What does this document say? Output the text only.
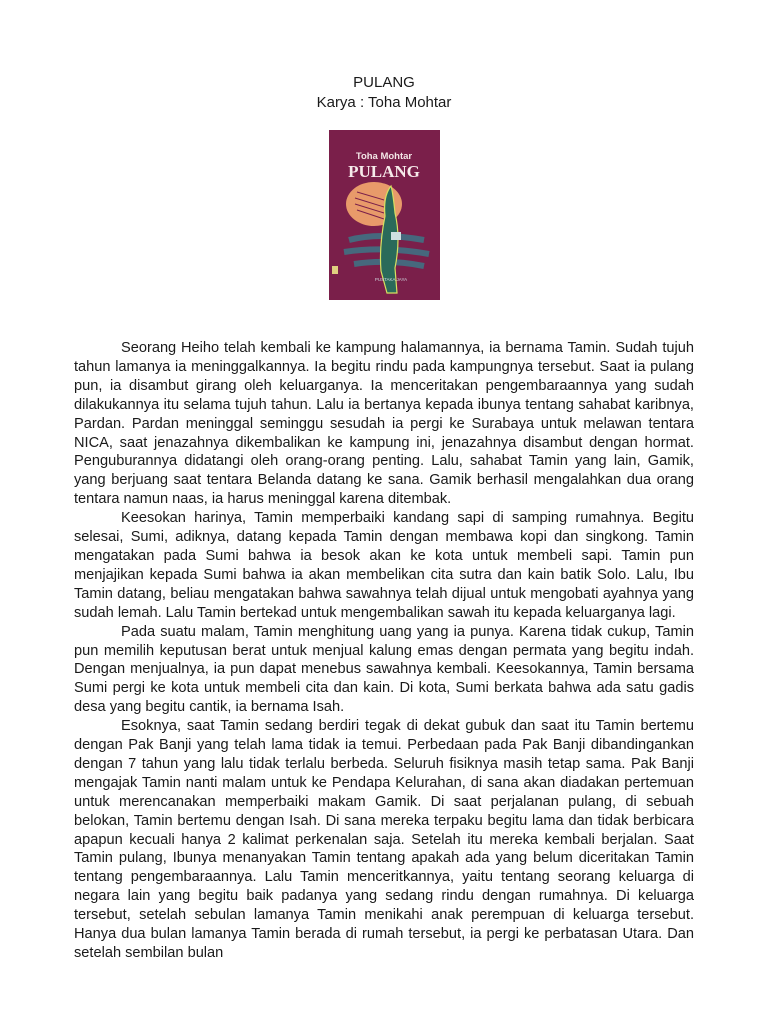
PULANG
Karya : Toha Mohtar
Toha Mohtar
PULANG
PUSTAKA JAYA

Seorang Heiho telah kembali ke kampung halamannya, ia bernama Tamin. Sudah tujuh tahun lamanya ia meninggalkannya. Ia begitu rindu pada kampungnya tersebut. Saat ia pulang pun, ia disambut girang oleh keluarganya. Ia menceritakan pengembaraannya yang sudah dilakukannya itu selama tujuh tahun. Lalu ia bertanya kepada ibunya tentang sahabat karibnya, Pardan. Pardan meninggal seminggu sesudah ia pergi ke Surabaya untuk melawan tentara NICA, saat jenazahnya dikembalikan ke kampung ini, jenazahnya disambut dengan hormat. Penguburannya didatangi oleh orang-orang penting. Lalu, sahabat Tamin yang lain, Gamik, yang berjuang saat tentara Belanda datang ke sana. Gamik berhasil mengalahkan dua orang tentara namun naas, ia harus meninggal karena ditembak.

Keesokan harinya, Tamin memperbaiki kandang sapi di samping rumahnya. Begitu selesai, Sumi, adiknya, datang kepada Tamin dengan membawa kopi dan singkong. Tamin mengatakan pada Sumi bahwa ia besok akan ke kota untuk membeli sapi. Tamin pun menjajikan kepada Sumi bahwa ia akan membelikan cita sutra dan kain batik Solo. Lalu, Ibu Tamin datang, beliau mengatakan bahwa sawahnya telah dijual untuk mengobati ayahnya yang sudah lemah. Lalu Tamin bertekad untuk mengembalikan sawah itu kepada keluarganya lagi.

Pada suatu malam, Tamin menghitung uang yang ia punya. Karena tidak cukup, Tamin pun memilih keputusan berat untuk menjual kalung emas dengan permata yang begitu indah. Dengan menjualnya, ia pun dapat menebus sawahnya kembali. Keesokannya, Tamin bersama Sumi pergi ke kota untuk membeli cita dan kain. Di kota, Sumi berkata bahwa ada satu gadis desa yang begitu cantik, ia bernama Isah.

Esoknya, saat Tamin sedang berdiri tegak di dekat gubuk dan saat itu Tamin bertemu dengan Pak Banji yang telah lama tidak ia temui. Perbedaan pada Pak Banji dibandingankan dengan 7 tahun yang lalu tidak terlalu berbeda. Seluruh fisiknya masih tetap sama. Pak Banji mengajak Tamin nanti malam untuk ke Pendapa Kelurahan, di sana akan diadakan pertemuan untuk merencanakan memperbaiki makam Gamik. Di saat perjalanan pulang, di sebuah belokan, Tamin bertemu dengan Isah. Di sana mereka terpaku begitu lama dan tidak berbicara apapun kecuali hanya 2 kalimat perkenalan saja. Setelah itu mereka kembali berjalan. Saat Tamin pulang, Ibunya menanyakan Tamin tentang apakah ada yang belum diceritakan Tamin tentang pengembaraannya. Lalu Tamin menceritkannya, yaitu tentang seorang keluarga di negara lain yang begitu baik padanya yang sedang rindu dengan rumahnya. Di keluarga tersebut, setelah sebulan lamanya Tamin menikahi anak perempuan di keluarga tersebut. Hanya dua bulan lamanya Tamin berada di rumah tersebut, ia pergi ke perbatasan Utara. Dan setelah sembilan bulan
